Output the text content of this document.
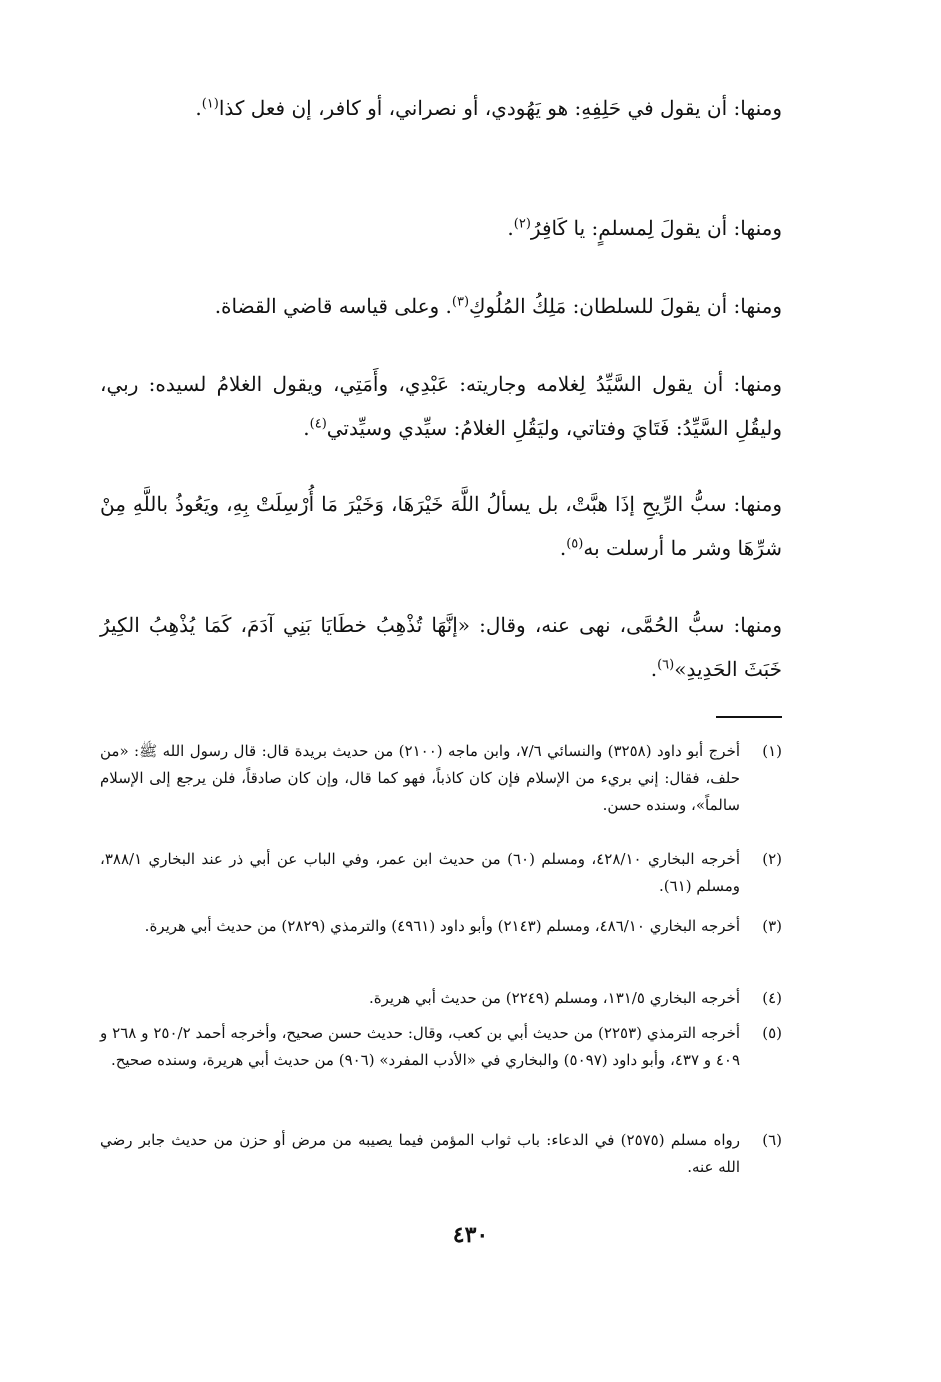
ومنها: أن يقول في حَلِفِهِ: هو يَهُودي، أو نصراني، أو كافر، إن فعل كذا$^{(١)}$.

ومنها: أن يقولَ لِمسلمٍ: يا كَافِرُ$^{(٢)}$.

ومنها: أن يقولَ للسلطان: مَلِكُ المُلُوكِ$^{(٣)}$. وعلى قياسه قاضي القضاة.

ومنها: أن يقول السَّيِّدُ لِغلامه وجاريته: عَبْدِي، وأَمَتِي، ويقول الغلامُ لسيده: ربي، وليقُلِ السَّيِّدُ: فَتَايَ وفتاتي، وليَقُلِ الغلامُ: سيِّدي وسيِّدتي$^{(٤)}$.

ومنها: سبُّ الرِّيحِ إذَا هبَّتْ، بل يسألُ اللَّهَ خَيْرَهَا، وَخَيْرَ مَا أُرْسِلَتْ بِهِ، ويَعُوذُ باللَّهِ مِنْ شرِّهَا وشر ما أرسلت به$^{(٥)}$.

ومنها: سبُّ الحُمَّى، نهى عنه، وقال: «إنَّهَا تُذْهِبُ خطَايَا بَنِي آدَمَ، كَمَا يُذْهِبُ الكِيرُ خَبَثَ الحَدِيدِ»$^{(٦)}$.

(١)
أخرج أبو داود (٣٢٥٨) والنسائي ٧/٦، وابن ماجه (٢١٠٠) من حديث بريدة قال: قال رسول الله ﷺ: «من حلف، فقال: إني بريء من الإسلام فإن كان كاذباً، فهو كما قال، وإن كان صادقاً، فلن يرجع إلى الإسلام سالماً»، وسنده حسن.
(٢)
أخرجه البخاري ٤٢٨/١٠، ومسلم (٦٠) من حديث ابن عمر، وفي الباب عن أبي ذر عند البخاري ٣٨٨/١، ومسلم (٦١).
(٣)
أخرجه البخاري ٤٨٦/١٠، ومسلم (٢١٤٣) وأبو داود (٤٩٦١) والترمذي (٢٨٢٩) من حديث أبي هريرة.
(٤)
أخرجه البخاري ١٣١/٥، ومسلم (٢٢٤٩) من حديث أبي هريرة.
(٥)
أخرجه الترمذي (٢٢٥٣) من حديث أبي بن كعب، وقال: حديث حسن صحيح، وأخرجه أحمد ٢٥٠/٢ و ٢٦٨ و ٤٠٩ و ٤٣٧، وأبو داود (٥٠٩٧) والبخاري في «الأدب المفرد» (٩٠٦) من حديث أبي هريرة، وسنده صحيح.
(٦)
رواه مسلم (٢٥٧٥) في الدعاء: باب ثواب المؤمن فيما يصيبه من مرض أو حزن من حديث جابر رضي الله عنه.
٤٣٠
